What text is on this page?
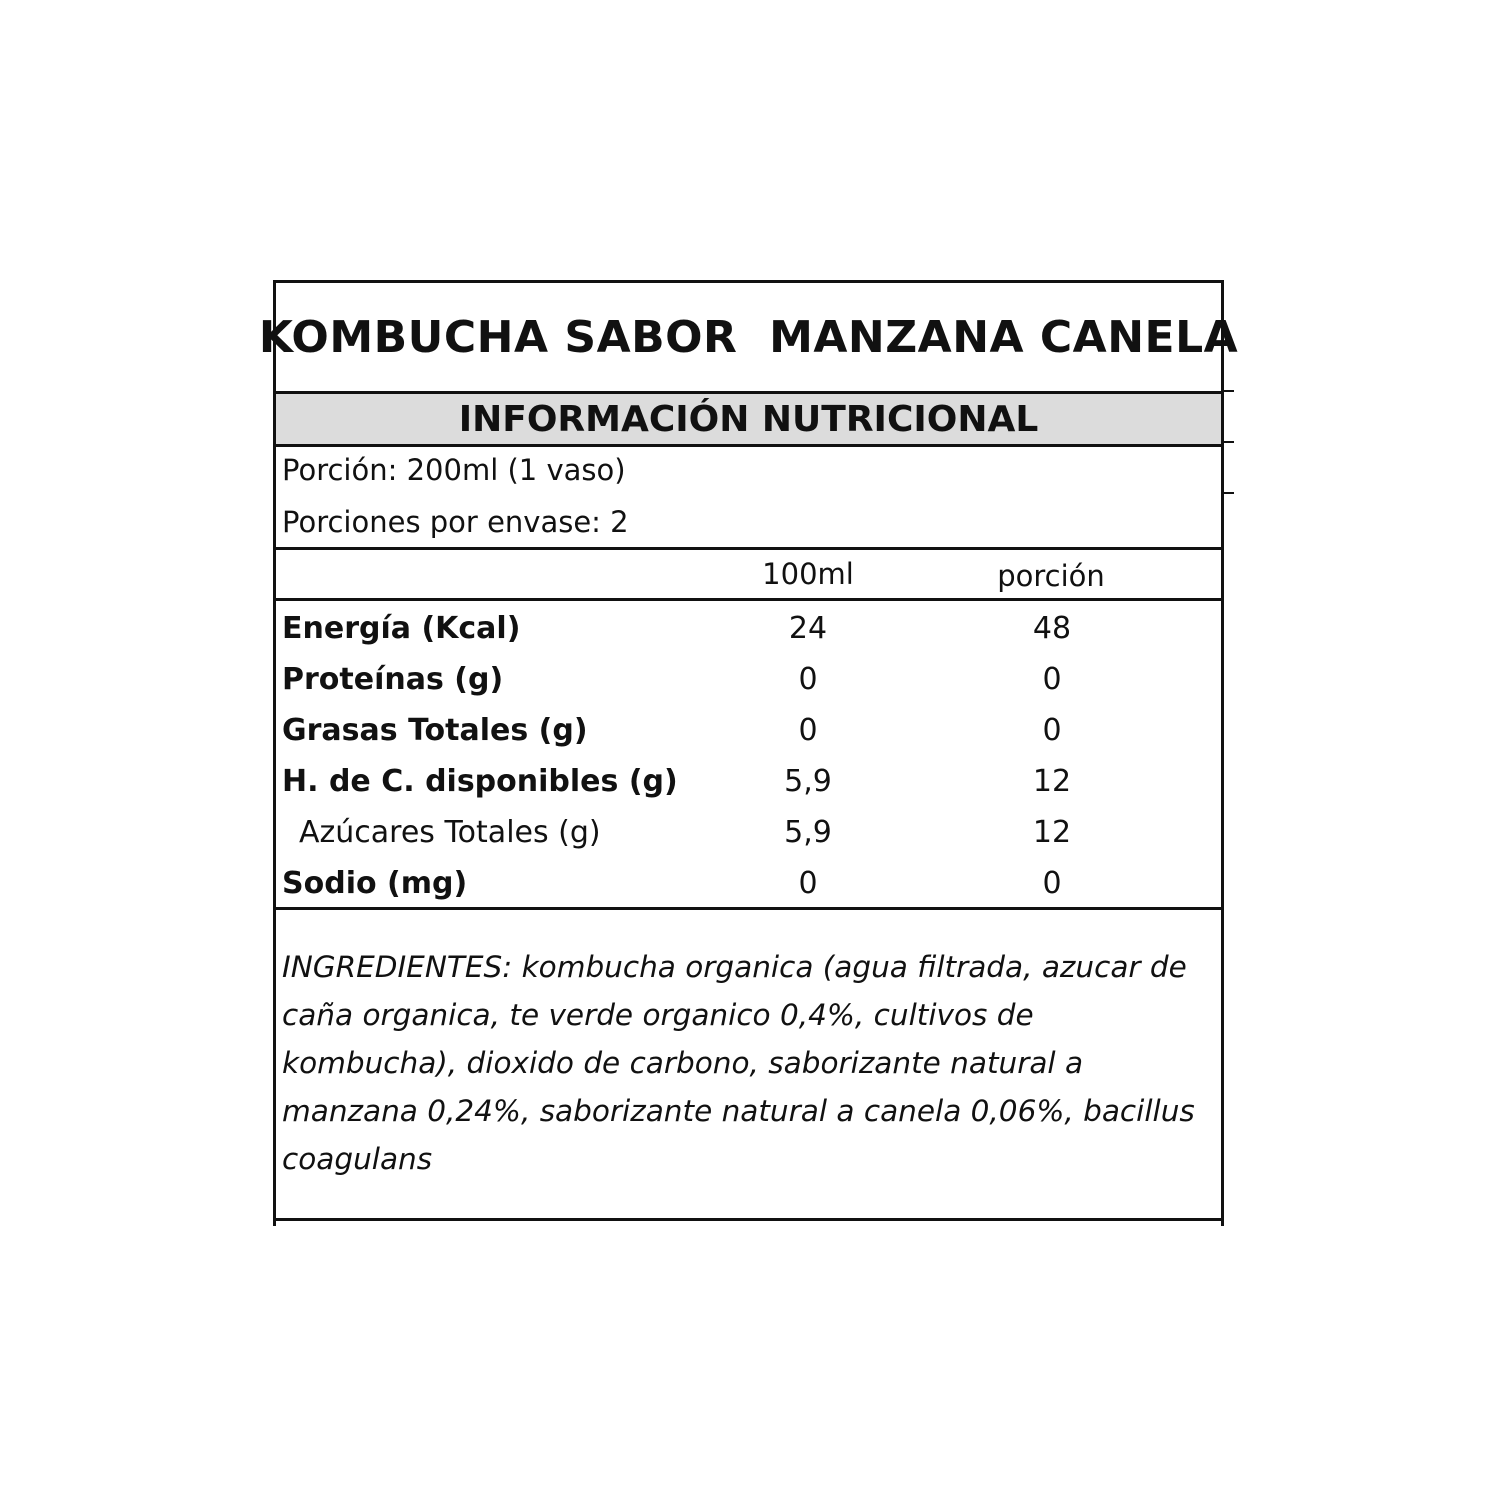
KOMBUCHA SABOR  MANZANA CANELA
INFORMACIÓN NUTRICIONAL
Porción: 200ml (1 vaso)
Porciones por envase: 2
100ml	porción
Energía (Kcal)	24	48
Proteínas (g)	0	0
Grasas Totales (g)	0	0
H. de C. disponibles (g)	5,9	12
Azúcares Totales (g)	5,9	12
Sodio (mg)	0	0
INGREDIENTES: kombucha organica (agua filtrada, azucar de caña organica, te verde organico 0,4%, cultivos de kombucha), dioxido de carbono, saborizante natural a manzana 0,24%, saborizante natural a canela 0,06%, bacillus coagulans
